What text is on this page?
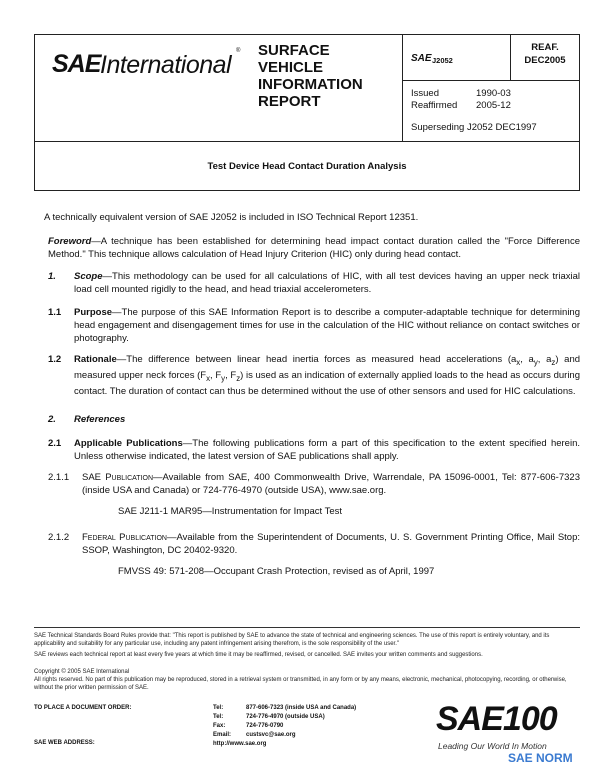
SAE International ® SURFACE
VEHICLE
INFORMATION
REPORT
SAE J2052
REAF.
DEC2005
Issued	1990-03
Reaffirmed 2005-12
Superseding J2052 DEC1997
Test Device Head Contact Duration Analysis
A technically equivalent version of SAE J2052 is included in ISO Technical Report 12351.
Foreword—A technique has been established for determining head impact contact duration called the "Force Difference Method." This technique allows calculation of Head Injury Criterion (HIC) only during head contact.
1.	Scope—This methodology can be used for all calculations of HIC, with all test devices having an upper neck triaxial load cell mounted rigidly to the head, and head triaxial accelerometers.
1.1	Purpose—The purpose of this SAE Information Report is to describe a computer-adaptable technique for determining head engagement and disengagement times for use in the calculation of the HIC without reliance on contact switches or photography.
1.2	Rationale—The difference between linear head inertia forces as measured head accelerations ($a_x$, $a_y$, $a_z$) and measured upper neck forces ($F_x$, $F_y$, $F_z$) is used as an indication of externally applied loads to the head as occurs during contact. The duration of contact can thus be determined without the use of other sensors and used for HIC calculations.
2.	References
2.1	Applicable Publications—The following publications form a part of this specification to the extent specified herein. Unless otherwise indicated, the latest version of SAE publications shall apply.
2.1.1	SAE Publication—Available from SAE, 400 Commonwealth Drive, Warrendale, PA 15096-0001, Tel: 877-606-7323 (inside USA and Canada) or 724-776-4970 (outside USA), www.sae.org.
SAE J211-1 MAR95—Instrumentation for Impact Test
2.1.2	Federal Publication—Available from the Superintendent of Documents, U. S. Government Printing Office, Mail Stop: SSOP, Washington, DC 20402-9320.
FMVSS 49: 571-208—Occupant Crash Protection, revised as of April, 1997
SAE Technical Standards Board Rules provide that: "This report is published by SAE to advance the state of technical and engineering sciences. The use of this report is entirely voluntary, and its applicability and suitability for any particular use, including any patent infringement arising therefrom, is the sole responsibility of the user."
SAE reviews each technical report at least every five years at which time it may be reaffirmed, revised, or cancelled. SAE invites your written comments and suggestions.
Copyright © 2005 SAE International
All rights reserved. No part of this publication may be reproduced, stored in a retrieval system or transmitted, in any form or by any means, electronic, mechanical, photocopying, recording, or otherwise, without the prior written permission of SAE.
TO PLACE A DOCUMENT ORDER:
SAE WEB ADDRESS:
Tel:	877-606-7323 (inside USA and Canada)
Tel:	724-776-4970 (outside USA)
Fax:	724-776-0790
Email: custsvc@sae.org
http://www.sae.org
SAE100
Leading Our World In Motion
SAE NORM
